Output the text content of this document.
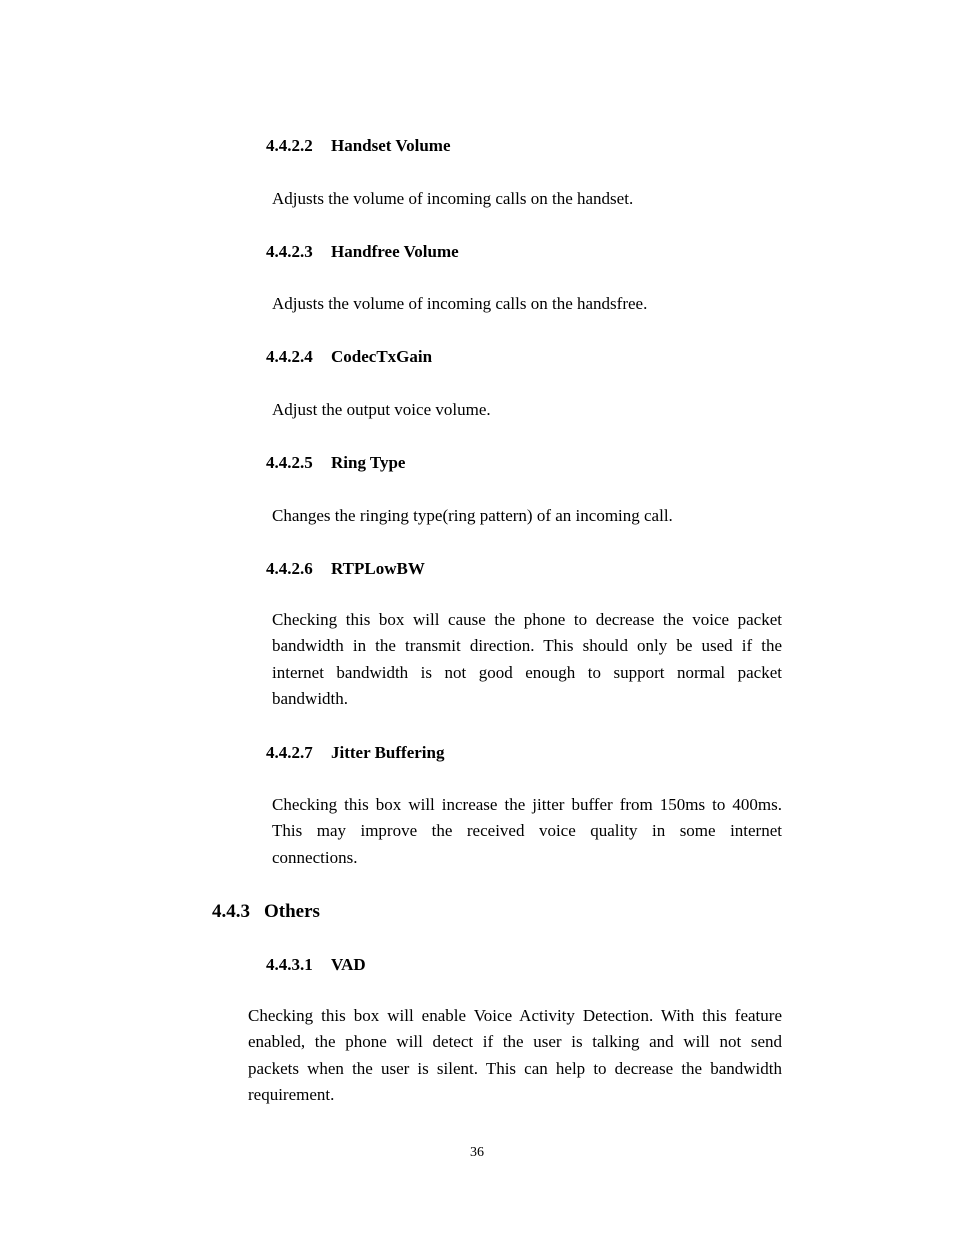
4.4.2.2 Handset Volume
Adjusts the volume of incoming calls on the handset.
4.4.2.3 Handfree Volume
Adjusts the volume of incoming calls on the handsfree.
4.4.2.4 CodecTxGain
Adjust the output voice volume.
4.4.2.5 Ring Type
Changes the ringing type(ring pattern) of an incoming call.
4.4.2.6 RTPLowBW
Checking this box will cause the phone to decrease the voice packet
bandwidth in the transmit direction. This should only be used if the
internet bandwidth is not good enough to support normal packet
bandwidth.
4.4.2.7 Jitter Buffering
Checking this box will increase the jitter buffer from 150ms to 400ms.
This may improve the received voice quality in some internet
connections.
4.4.3 Others
4.4.3.1 VAD
Checking this box will enable Voice Activity Detection. With this feature
enabled, the phone will detect if the user is talking and will not send
packets when the user is silent. This can help to decrease the bandwidth
requirement.
36
